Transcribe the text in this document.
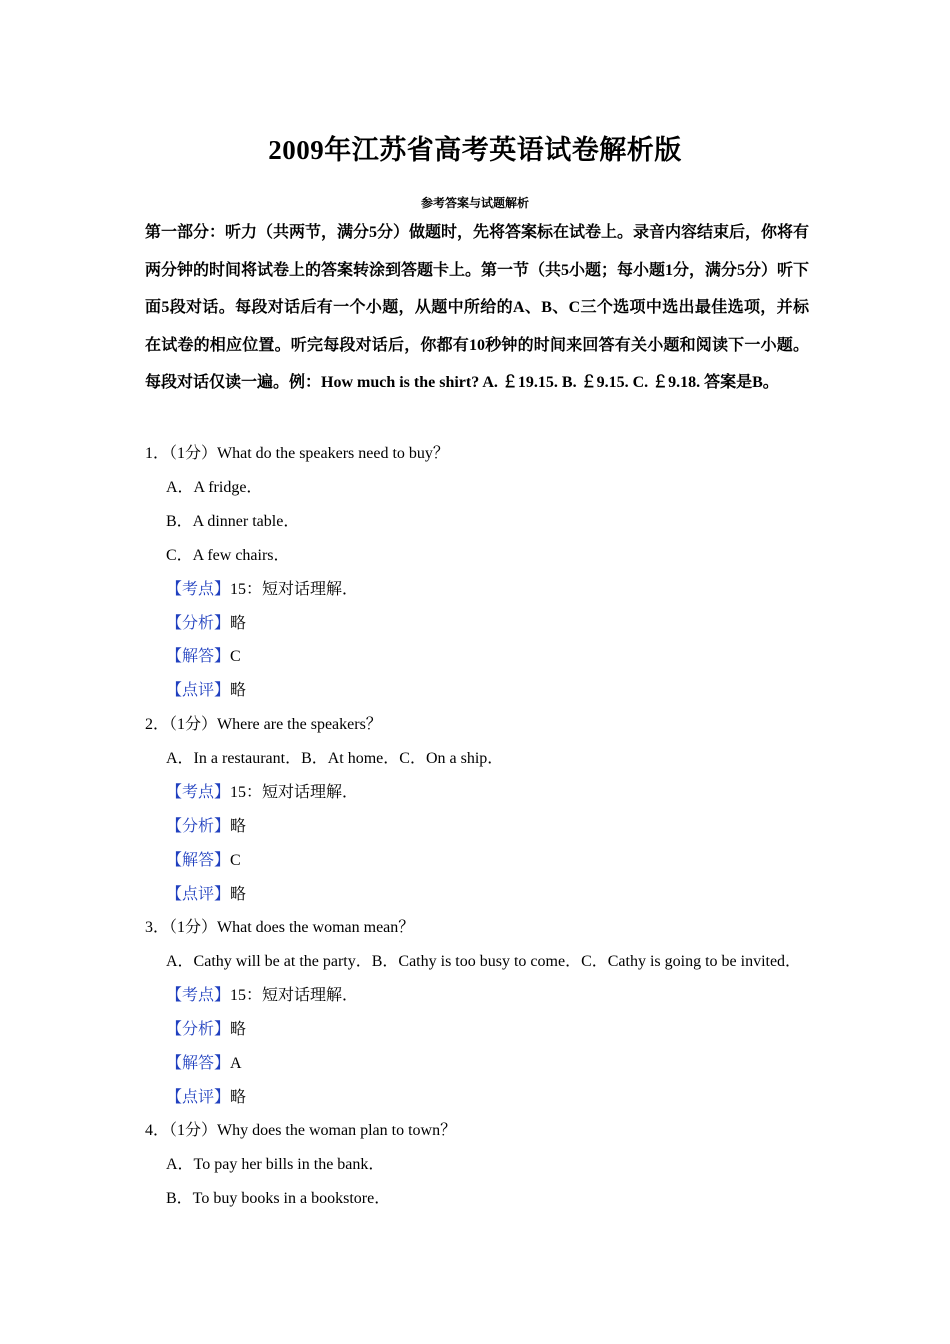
2009年江苏省高考英语试卷解析版
参考答案与试题解析
第一部分：听力（共两节，满分5分）做题时，先将答案标在试卷上。录音内容结束后，你将有两分钟的时间将试卷上的答案转涂到答题卡上。第一节（共5小题；每小题1分，满分5分）听下面5段对话。每段对话后有一个小题，从题中所给的A、B、C三个选项中选出最佳选项，并标在试卷的相应位置。听完每段对话后，你都有10秒钟的时间来回答有关小题和阅读下一小题。每段对话仅读一遍。例：How much is the shirt? A. ￡19.15. B. ￡9.15. C. ￡9.18. 答案是B。
1．（1分）What do the speakers need to buy？
A．A fridge．
B．A dinner table．
C．A few chairs．
【考点】15：短对话理解．
【分析】略
【解答】C
【点评】略
2．（1分）Where are the speakers？
A．In a restaurant．B．At home．C．On a ship．
【考点】15：短对话理解．
【分析】略
【解答】C
【点评】略
3．（1分）What does the woman mean？
A．Cathy will be at the party．B．Cathy is too busy to come．C．Cathy is going to be invited．
【考点】15：短对话理解．
【分析】略
【解答】A
【点评】略
4．（1分）Why does the woman plan to town？
A．To pay her bills in the bank．
B．To buy books in a bookstore．
